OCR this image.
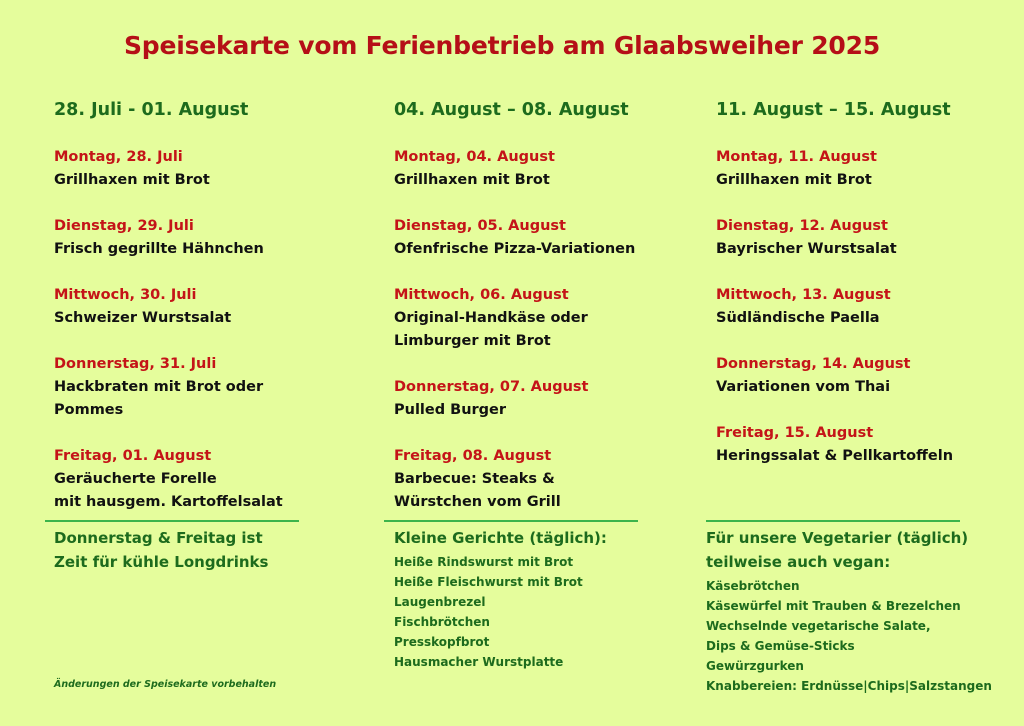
Speisekarte vom Ferienbetrieb am Glaabsweiher 2025
28. Juli - 01. August
Montag, 28. Juli
Grillhaxen mit Brot
Dienstag, 29. Juli
Frisch gegrillte Hähnchen
Mittwoch, 30. Juli
Schweizer Wurstsalat
Donnerstag, 31. Juli
Hackbraten mit Brot oder
Pommes
Freitag, 01. August
Geräucherte Forelle
mit hausgem. Kartoffelsalat
04. August – 08. August
Montag, 04. August
Grillhaxen mit Brot
Dienstag, 05. August
Ofenfrische Pizza-Variationen
Mittwoch, 06. August
Original-Handkäse oder
Limburger mit Brot
Donnerstag, 07. August
Pulled Burger
Freitag, 08. August
Barbecue: Steaks &
Würstchen vom Grill
11. August – 15. August
Montag, 11. August
Grillhaxen mit Brot
Dienstag, 12. August
Bayrischer Wurstsalat
Mittwoch, 13. August
Südländische Paella
Donnerstag, 14. August
Variationen vom Thai
Freitag, 15. August
Heringssalat & Pellkartoffeln
Donnerstag & Freitag ist
Zeit für kühle Longdrinks
Kleine Gerichte (täglich):
Heiße Rindswurst mit Brot
Heiße Fleischwurst mit Brot
Laugenbrezel
Fischbrötchen
Presskopfbrot
Hausmacher Wurstplatte
Für unsere Vegetarier (täglich)
teilweise auch vegan:
Käsebrötchen
Käsewürfel mit Trauben & Brezelchen
Wechselnde vegetarische Salate,
Dips & Gemüse-Sticks
Gewürzgurken
Knabbereien: Erdnüsse|Chips|Salzstangen
Änderungen der Speisekarte vorbehalten
